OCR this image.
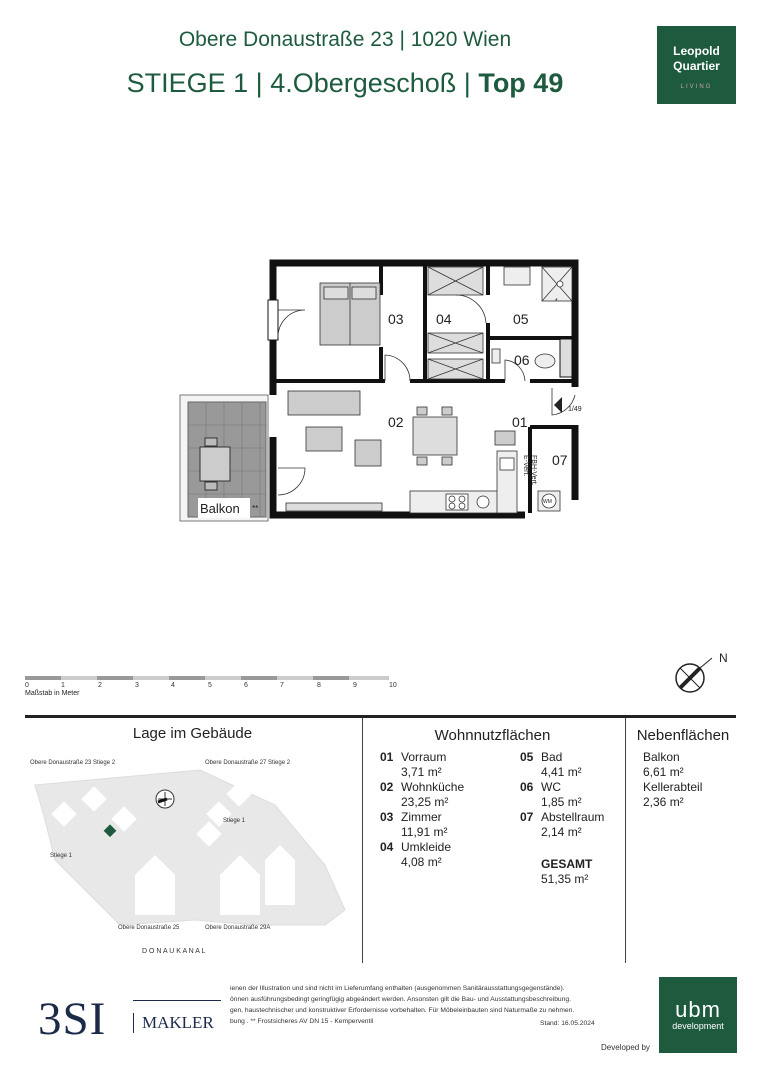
Obere Donaustraße 23 | 1020 Wien
STIEGE 1 | 4.Obergeschoß | Top 49
Leopold
Quartier
LIVING
Balkon **
*
WM
FBH-Vert.
E-Vert.
1/49
03 04	05
06
02	01
07
0	1	2	3	4	5	6	7	8	9	10
Maßstab in Meter
N
Lage im Gebäude	Wohnnutzflächen	Nebenflächen
Obere Donaustraße 23 Stiege 2	Obere Donaustraße 27 Stiege 2
Stiege 1
Stiege 1
Obere Donaustraße 25	Obere Donaustraße 29A
D O N A U K A N A L
01 Vorraum
3,71 m²
02 Wohnküche
23,25 m²
03 Zimmer
11,91 m²
04 Umkleide
4,08 m²
05 Bad
4,41 m²
06 WC
1,85 m²
07 Abstellraum
2,14 m²
GESAMT
51,35 m²
Balkon
6,61 m²
Kellerabteil
2,36 m²
3SI	MAKLER
ienen der Illustration und sind nicht im Lieferumfang enthalten (ausgenommen Sanitärausstattungsgegenstände).
önnen ausführungsbedingt geringfügig abgeändert werden. Ansonsten gilt die Bau- und Ausstattungsbeschreibung.
gen, haustechnischer und konstruktiver Erfordernisse vorbehalten. Für Möbeleinbauten sind Naturmaße zu nehmen.
bung . ** Frostsicheres AV DN 15 - Kemperventil	Stand: 16.05.2024
ubm
development
Developed by
